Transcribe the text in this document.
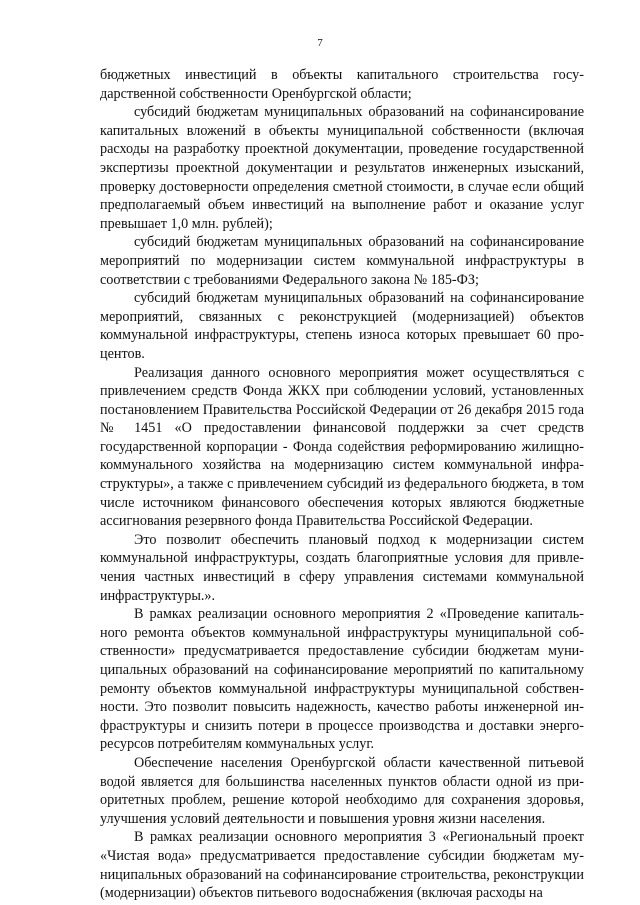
7

бюджетных инвестиций в объекты капитального строительства государственной собственности Оренбургской области;

субсидий бюджетам муниципальных образований на софинансирование капитальных вложений в объекты муниципальной собственности (включая расходы на разработку проектной документации, проведение государственной экспертизы проектной документации и результатов инженерных изысканий, проверку достоверности определения сметной стоимости, в случае если общий предполагаемый объем инвестиций на выполнение работ и оказание услуг превышает 1,0 млн. рублей);

субсидий бюджетам муниципальных образований на софинансирование мероприятий по модернизации систем коммунальной инфраструктуры в соответствии с требованиями Федерального закона № 185-ФЗ;

субсидий бюджетам муниципальных образований на софинансирование мероприятий, связанных с реконструкцией (модернизацией) объектов коммунальной инфраструктуры, степень износа которых превышает 60 процентов.

Реализация данного основного мероприятия может осуществляться с привлечением средств Фонда ЖКХ при соблюдении условий, установленных постановлением Правительства Российской Федерации от 26 декабря 2015 года № 1451 «О предоставлении финансовой поддержки за счет средств государственной корпорации - Фонда содействия реформированию жилищно-коммунального хозяйства на модернизацию систем коммунальной инфраструктуры», а также с привлечением субсидий из федерального бюджета, в том числе источником финансового обеспечения которых являются бюджетные ассигнования резервного фонда Правительства Российской Федерации.

Это позволит обеспечить плановый подход к модернизации систем коммунальной инфраструктуры, создать благоприятные условия для привлечения частных инвестиций в сферу управления системами коммунальной инфраструктуры.».

В рамках реализации основного мероприятия 2 «Проведение капитального ремонта объектов коммунальной инфраструктуры муниципальной собственности» предусматривается предоставление субсидии бюджетам муниципальных образований на софинансирование мероприятий по капитальному ремонту объектов коммунальной инфраструктуры муниципальной собственности. Это позволит повысить надежность, качество работы инженерной инфраструктуры и снизить потери в процессе производства и доставки энергоресурсов потребителям коммунальных услуг.

Обеспечение населения Оренбургской области качественной питьевой водой является для большинства населенных пунктов области одной из приоритетных проблем, решение которой необходимо для сохранения здоровья, улучшения условий деятельности и повышения уровня жизни населения.

В рамках реализации основного мероприятия 3 «Региональный проект «Чистая вода» предусматривается предоставление субсидии бюджетам муниципальных образований на софинансирование строительства, реконструкции (модернизации) объектов питьевого водоснабжения (включая расходы на
